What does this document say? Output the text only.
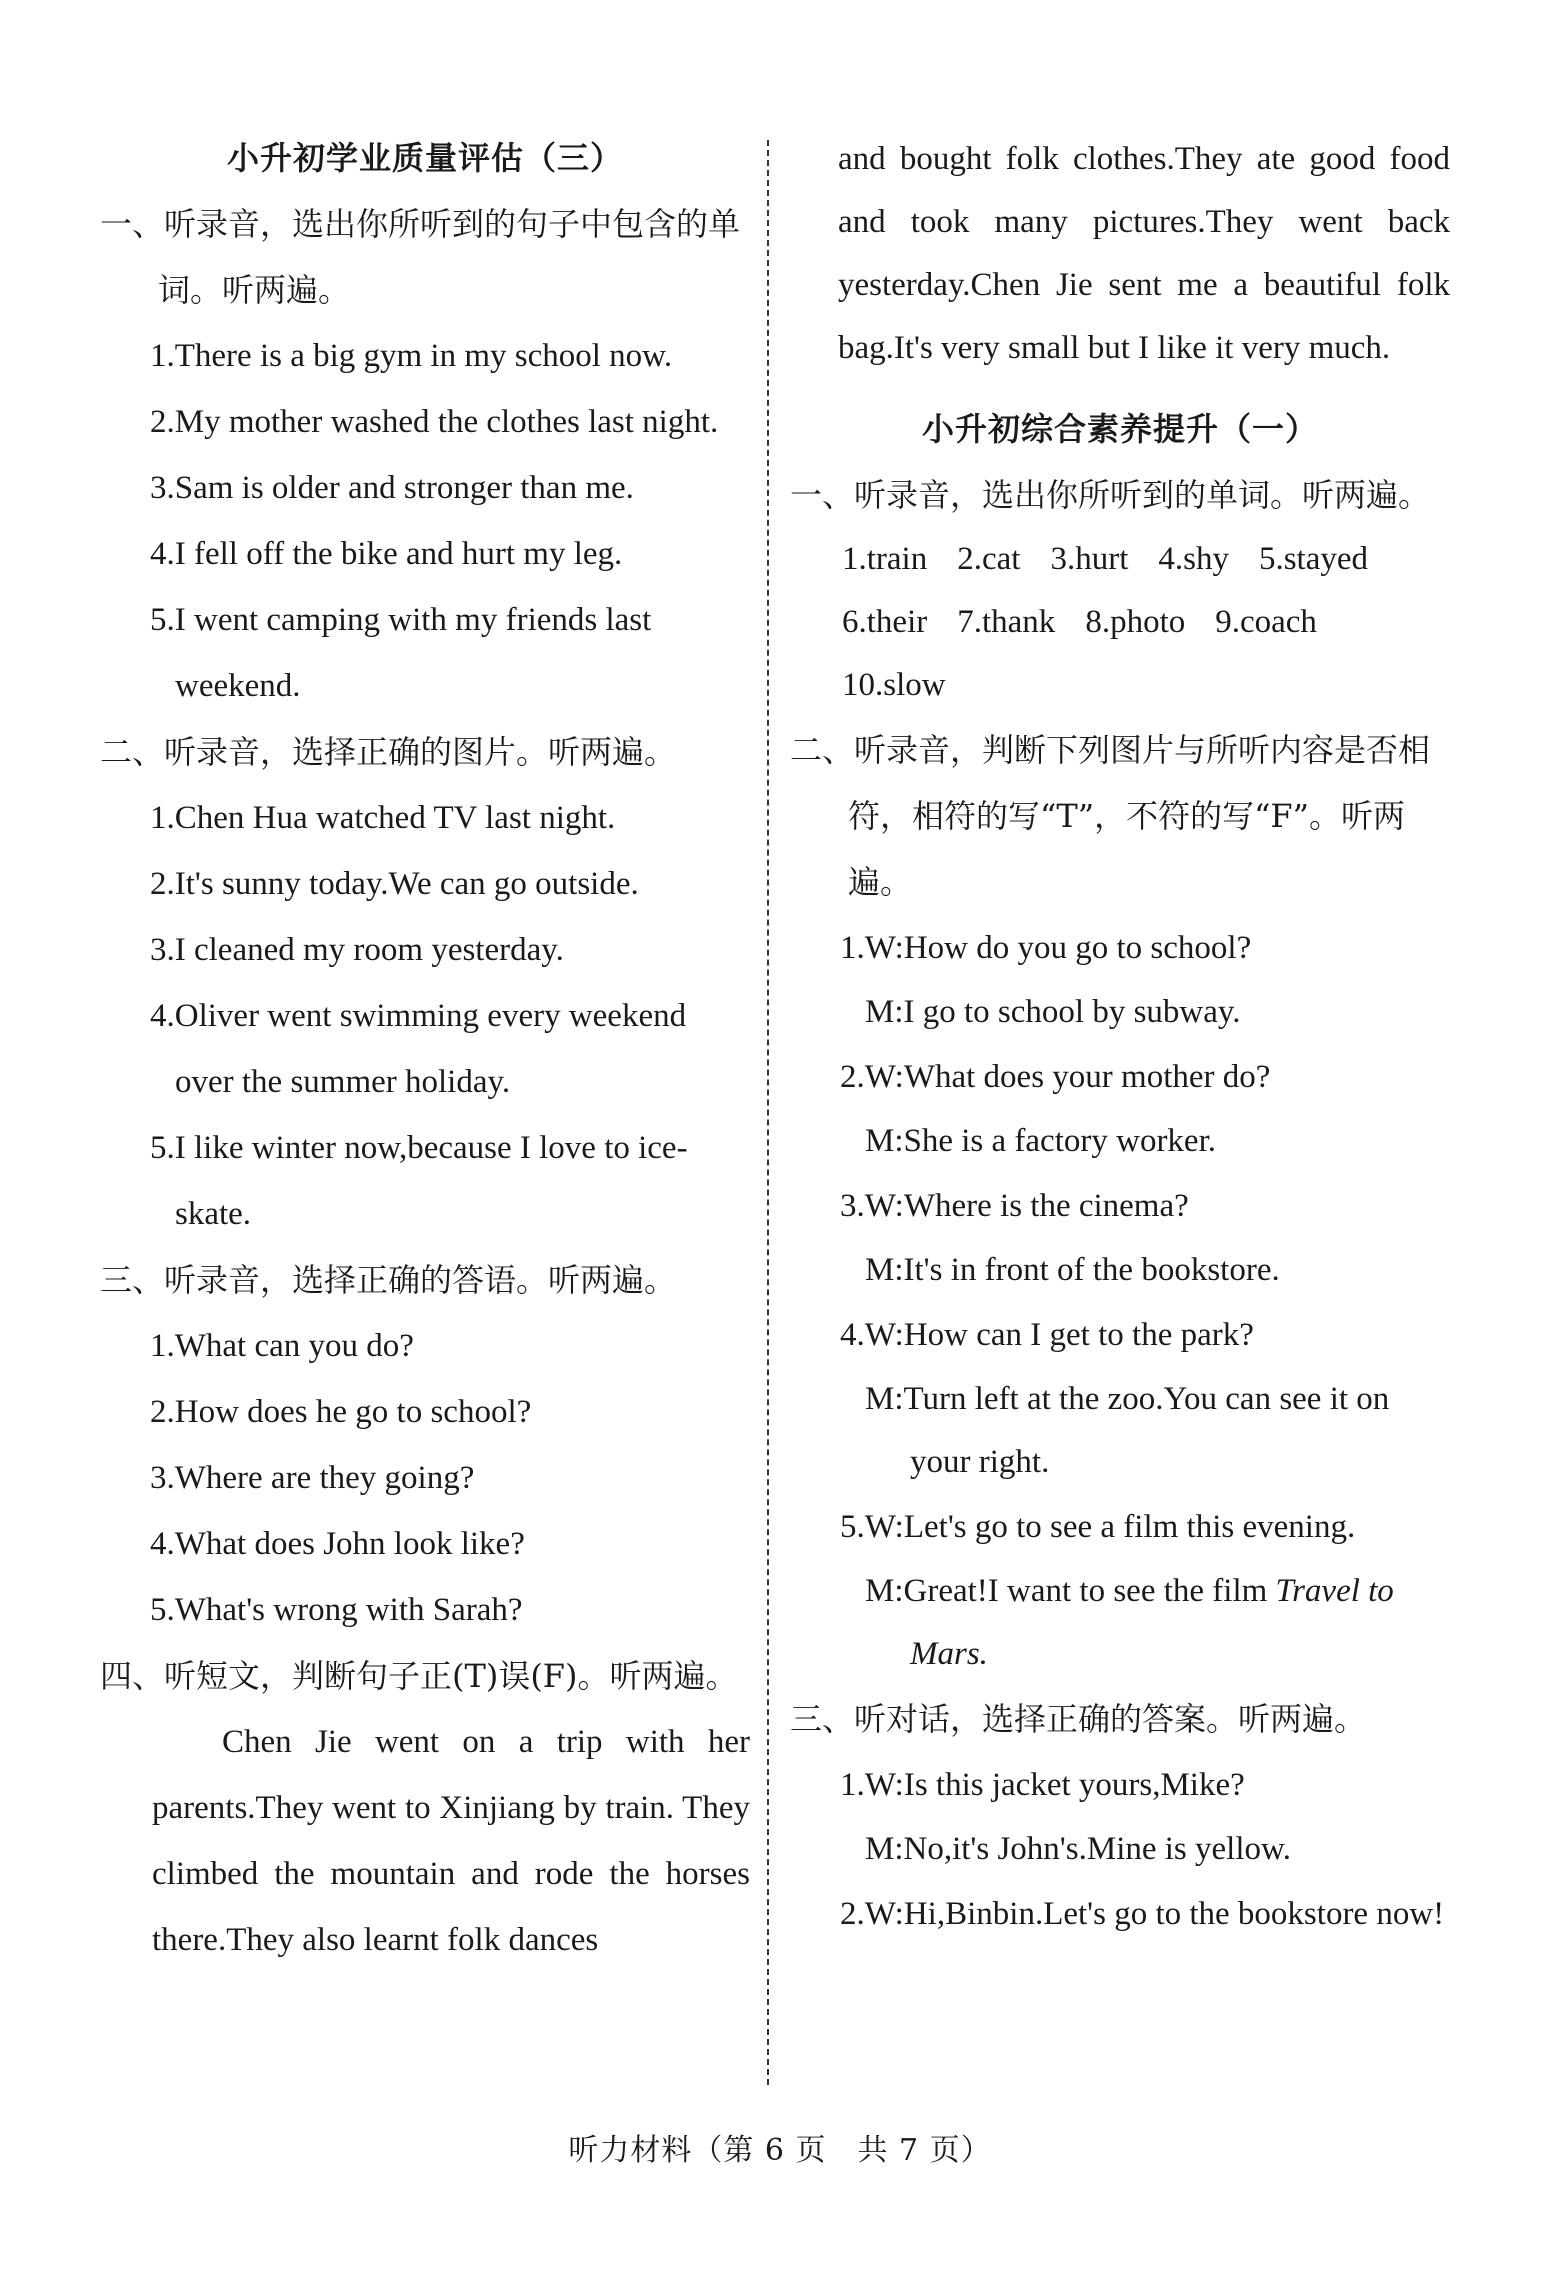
小升初学业质量评估（三）
一、听录音，选出你所听到的句子中包含的单词。听两遍。
1.There is a big gym in my school now.
2.My mother washed the clothes last night.
3.Sam is older and stronger than me.
4.I fell off the bike and hurt my leg.
5.I went camping with my friends last weekend.
二、听录音，选择正确的图片。听两遍。
1.Chen Hua watched TV last night.
2.It's sunny today.We can go outside.
3.I cleaned my room yesterday.
4.Oliver went swimming every weekend over the summer holiday.
5.I like winter now,because I love to ice-skate.
三、听录音，选择正确的答语。听两遍。
1.What can you do?
2.How does he go to school?
3.Where are they going?
4.What does John look like?
5.What's wrong with Sarah?
四、听短文，判断句子正(T)误(F)。听两遍。
Chen Jie went on a trip with her parents.They went to Xinjiang by train. They climbed the mountain and rode the horses there.They also learnt folk dances
and bought folk clothes.They ate good food and took many pictures.They went back yesterday.Chen Jie sent me a beautiful folk bag.It's very small but I like it very much.
小升初综合素养提升（一）
一、听录音，选出你所听到的单词。听两遍。
1.train 2.cat 3.hurt 4.shy 5.stayed
6.their 7.thank 8.photo 9.coach
10.slow
二、听录音，判断下列图片与所听内容是否相符，相符的写“T”，不符的写“F”。听两遍。
1.W:How do you go to school?
M:I go to school by subway.
2.W:What does your mother do?
M:She is a factory worker.
3.W:Where is the cinema?
M:It's in front of the bookstore.
4.W:How can I get to the park?
M:Turn left at the zoo.You can see it on your right.
5.W:Let's go to see a film this evening.
M:Great!I want to see the film Travel to Mars.
三、听对话，选择正确的答案。听两遍。
1.W:Is this jacket yours,Mike?
M:No,it's John's.Mine is yellow.
2.W:Hi,Binbin.Let's go to the bookstore now!
听力材料（第 6 页　共 7 页）
